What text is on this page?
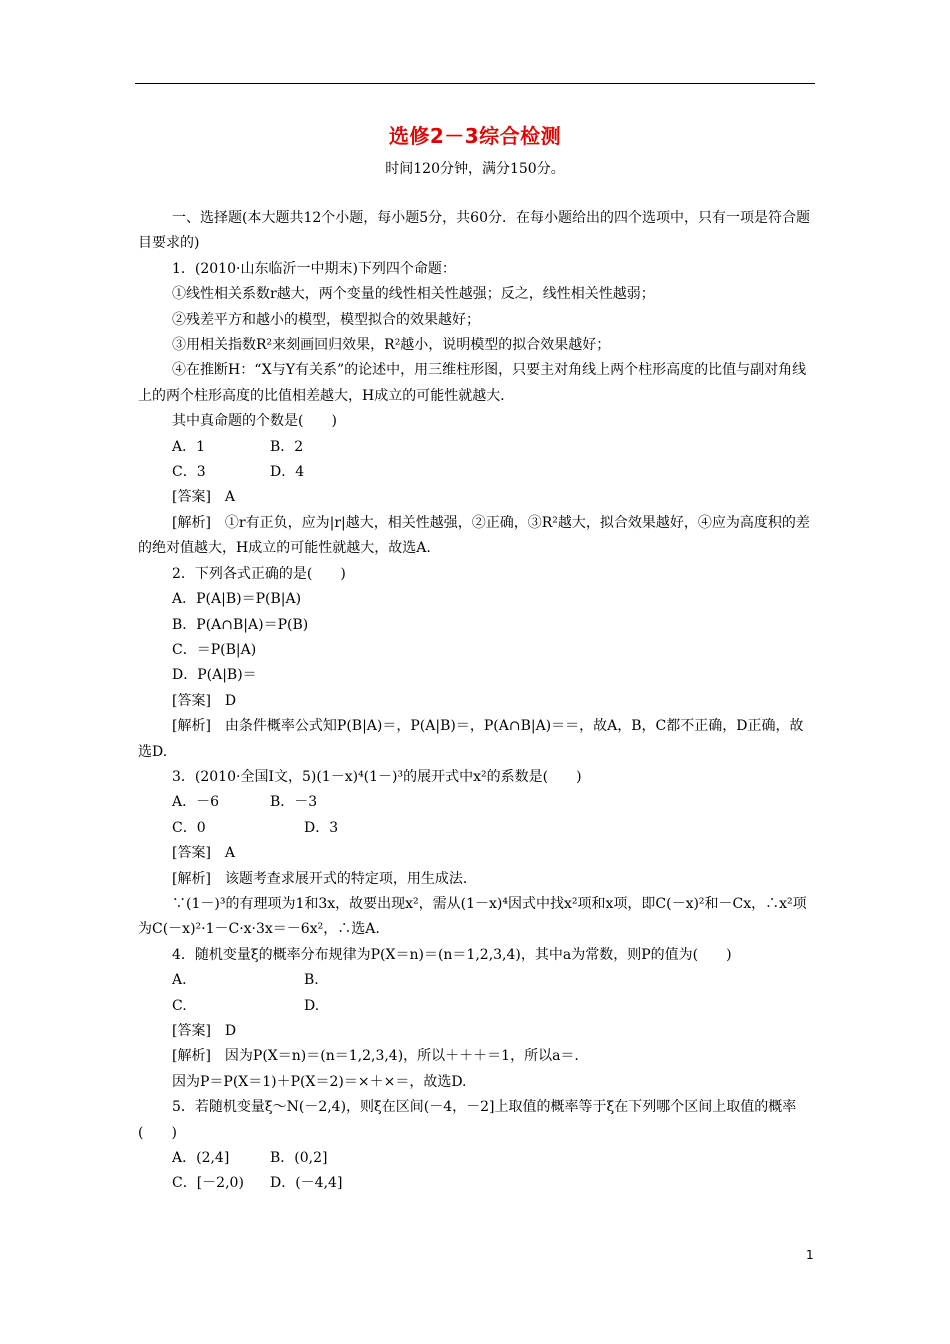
选修2－3综合检测
时间120分钟，满分150分。

一、选择题(本大题共12个小题，每小题5分，共60分．在每小题给出的四个选项中，只有一项是符合题目要求的)

1．(2010·山东临沂一中期末)下列四个命题：

①线性相关系数r越大，两个变量的线性相关性越强；反之，线性相关性越弱；

②残差平方和越小的模型，模型拟合的效果越好；

③用相关指数R²来刻画回归效果，R²越小，说明模型的拟合效果越好；

④在推断H：“X与Y有关系”的论述中，用三维柱形图，只要主对角线上两个柱形高度的比值与副对角线上的两个柱形高度的比值相差越大，H成立的可能性就越大．

其中真命题的个数是(　　)

A．1	B．2

C．3	D．4

[答案]　A

[解析]　①r有正负，应为|r|越大，相关性越强，②正确，③R²越大，拟合效果越好，④应为高度积的差的绝对值越大，H成立的可能性就越大，故选A.

2．下列各式正确的是(　　)

A．P(A|B)＝P(B|A)

B．P(A∩B|A)＝P(B)

C．＝P(B|A)

D．P(A|B)＝

[答案]　D

[解析]　由条件概率公式知P(B|A)＝，P(A|B)＝，P(A∩B|A)＝＝，故A，B，C都不正确，D正确，故选D.

3．(2010·全国Ⅰ文，5)(1－x)⁴(1－)³的展开式中x²的系数是(　　)

A．－6	B．－3

C．0	D．3

[答案]　A

[解析]　该题考查求展开式的特定项，用生成法．

∵(1－)³的有理项为1和3x，故要出现x²，需从(1－x)⁴因式中找x²项和x项，即C(－x)²和－Cx，∴x²项为C(－x)²·1－C·x·3x＝－6x²，∴选A.

4．随机变量ξ的概率分布规律为P(X＝n)＝(n＝1,2,3,4)，其中a为常数，则P的值为(　　)

A.	B.

C.	D.

[答案]　D

[解析]　因为P(X＝n)＝(n＝1,2,3,4)，所以＋＋＋＝1，所以a＝.

因为P＝P(X＝1)＋P(X＝2)＝×＋×＝，故选D.

5．若随机变量ξ～N(－2,4)，则ξ在区间(－4，－2]上取值的概率等于ξ在下列哪个区间上取值的概率(　　)

A．(2,4]	B．(0,2]

C．[－2,0) D．(－4,4]

1
